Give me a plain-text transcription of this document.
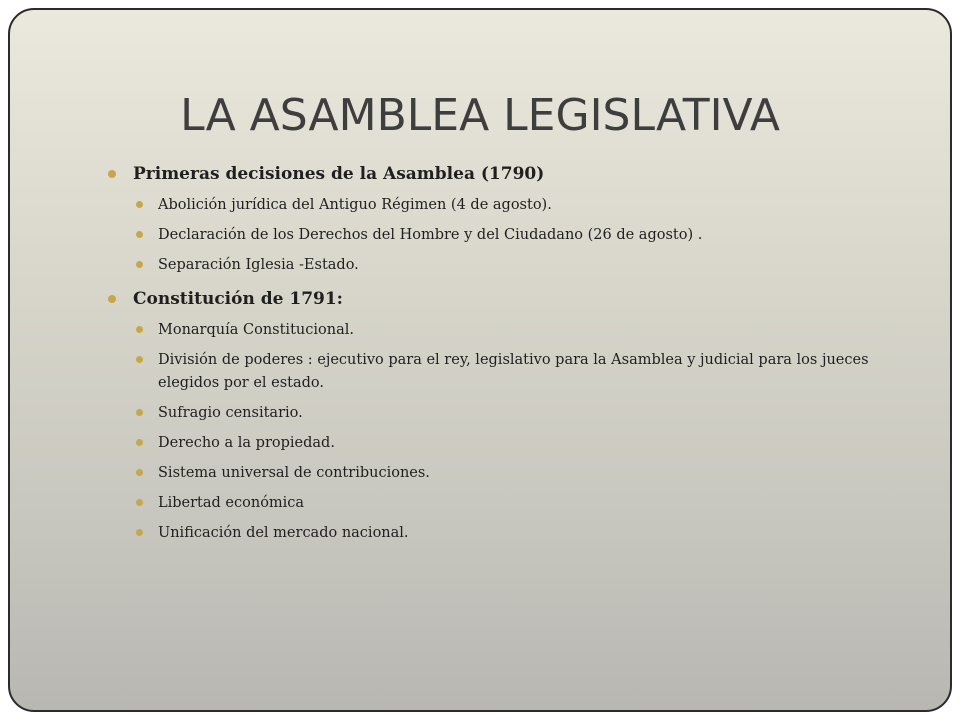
LA ASAMBLEA LEGISLATIVA
Primeras decisiones de la Asamblea (1790)
Abolición jurídica del Antiguo Régimen (4 de agosto).
Declaración de los Derechos del Hombre y del Ciudadano (26 de agosto) .
Separación Iglesia -Estado.
Constitución de 1791:
Monarquía Constitucional.
División de poderes : ejecutivo para el rey, legislativo para la Asamblea y judicial para los jueces elegidos por el estado.
Sufragio censitario.
Derecho a la propiedad.
Sistema universal de contribuciones.
Libertad económica
Unificación del mercado nacional.
